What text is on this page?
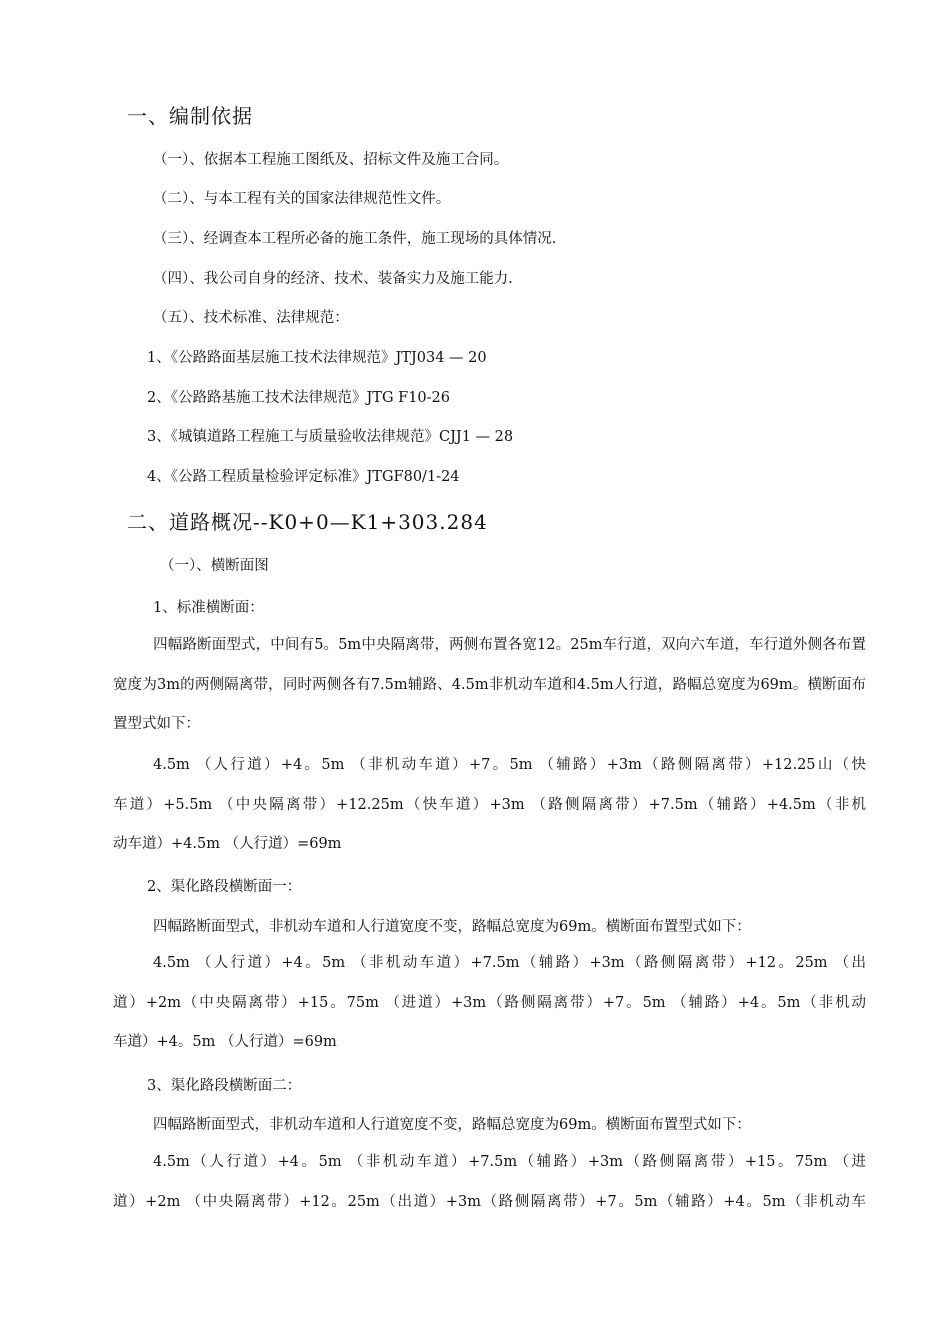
一、编制依据
（一）、依据本工程施工图纸及、招标文件及施工合同。
（二）、与本工程有关的国家法律规范性文件。
（三）、经调查本工程所必备的施工条件，施工现场的具体情况.
（四）、我公司自身的经济、技术、装备实力及施工能力.
（五）、技术标准、法律规范：
1、《公路路面基层施工技术法律规范》JTJ034 — 20
2、《公路路基施工技术法律规范》JTG F10-26
3、《城镇道路工程施工与质量验收法律规范》CJJ1 — 28
4、《公路工程质量检验评定标准》JTGF80/1-24
二、道路概况--K0+0—K1+303.284
（一）、横断面图
1、标准横断面：
四幅路断面型式，中间有5。5m中央隔离带，两侧布置各宽12。25m车行道，双向六车道，车行道外侧各布置宽度为3m的两侧隔离带，同时两侧各有7.5m辅路、4.5m非机动车道和4.5m人行道，路幅总宽度为69m。横断面布置型式如下：
4.5m （人行道）+4。5m （非机动车道）+7。5m （辅路）+3m（路侧隔离带）+12.25山（快
车道）+5.5m （中央隔离带）+12.25m（快车道）+3m （路侧隔离带）+7.5m（辅路）+4.5m（非机
动车道）+4.5m （人行道）=69m
2、渠化路段横断面一：
四幅路断面型式，非机动车道和人行道宽度不变，路幅总宽度为69m。横断面布置型式如下：
4.5m （人行道）+4。5m （非机动车道）+7.5m（辅路）+3m（路侧隔离带）+12。25m （出
道）+2m（中央隔离带）+15。75m （进道）+3m（路侧隔离带）+7。5m （辅路）+4。5m（非机动
车道）+4。5m （人行道）=69m
3、渠化路段横断面二：
四幅路断面型式，非机动车道和人行道宽度不变，路幅总宽度为69m。横断面布置型式如下：
4.5m（人行道）+4。5m （非机动车道）+7.5m（辅路）+3m（路侧隔离带）+15。75m （进
道）+2m （中央隔离带）+12。25m（出道）+3m（路侧隔离带）+7。5m（辅路）+4。5m（非机动车
